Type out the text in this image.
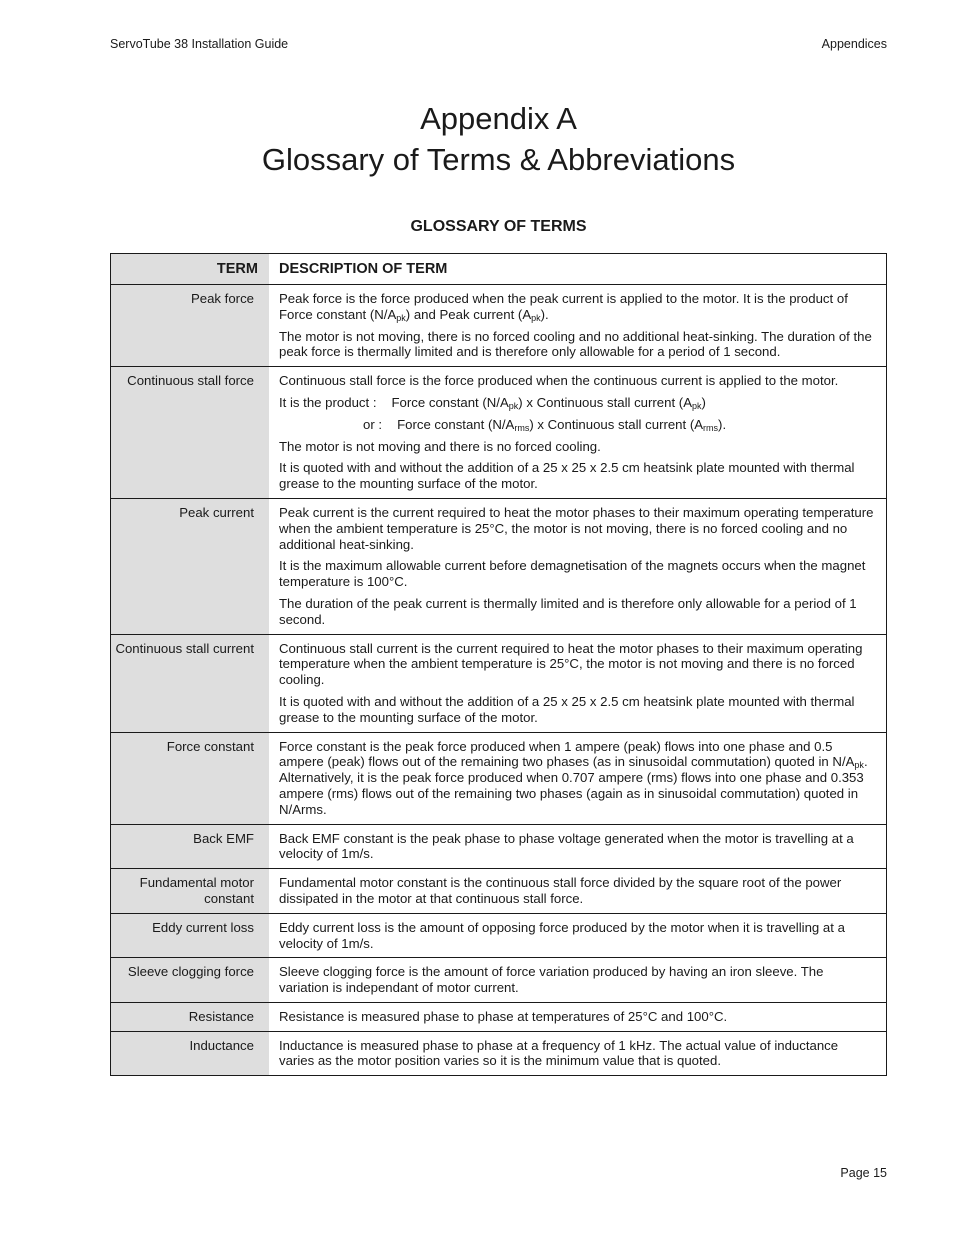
ServoTube 38 Installation Guide	Appendices
Appendix A
Glossary of Terms & Abbreviations
GLOSSARY OF TERMS
TERM	DESCRIPTION OF TERM
Peak force	Peak force is the force produced when the peak current is applied to the motor. It is the product of Force constant $(N/A_{pk})$ and Peak current $(A_{pk})$.

The motor is not moving, there is no forced cooling and no additional heat-sinking. The duration of the peak force is thermally limited and is therefore only allowable for a period of 1 second.

Continuous stall force	Continuous stall force is the force produced when the continuous current is applied to the motor.

It is the product : Force constant $(N/A_{pk})$ x Continuous stall current $(A_{pk})$

or : Force constant $(N/A_{rms})$ x Continuous stall current $(A_{rms})$.

The motor is not moving and there is no forced cooling.

It is quoted with and without the addition of a 25 x 25 x 2.5 cm heatsink plate mounted with thermal grease to the mounting surface of the motor.

Peak current	Peak current is the current required to heat the motor phases to their maximum operating temperature when the ambient temperature is 25°C, the motor is not moving, there is no forced cooling and no additional heat-sinking.

It is the maximum allowable current before demagnetisation of the magnets occurs when the magnet temperature is 100°C.

The duration of the peak current is thermally limited and is therefore only allowable for a period of 1 second.

Continuous stall current	Continuous stall current is the current required to heat the motor phases to their maximum operating temperature when the ambient temperature is 25°C, the motor is not moving and there is no forced cooling.

It is quoted with and without the addition of a 25 x 25 x 2.5 cm heatsink plate mounted with thermal grease to the mounting surface of the motor.

Force constant	Force constant is the peak force produced when 1 ampere (peak) flows into one phase and 0.5 ampere (peak) flows out of the remaining two phases (as in sinusoidal commutation) quoted in $N/A_{pk}$. Alternatively, it is the peak force produced when 0.707 ampere (rms) flows into one phase and 0.353 ampere (rms) flows out of the remaining two phases (again as in sinusoidal commutation) quoted in N/Arms.

Back EMF	Back EMF constant is the peak phase to phase voltage generated when the motor is travelling at a velocity of 1m/s.

Fundamental motor constant	Fundamental motor constant is the continuous stall force divided by the square root of the power dissipated in the motor at that continuous stall force.

Eddy current loss	Eddy current loss is the amount of opposing force produced by the motor when it is travelling at a velocity of 1m/s.

Sleeve clogging force	Sleeve clogging force is the amount of force variation produced by having an iron sleeve. The variation is independant of motor current.

Resistance	Resistance is measured phase to phase at temperatures of 25°C and 100°C.

Inductance	Inductance is measured phase to phase at a frequency of 1 kHz. The actual value of inductance varies as the motor position varies so it is the minimum value that is quoted.

Page 15
